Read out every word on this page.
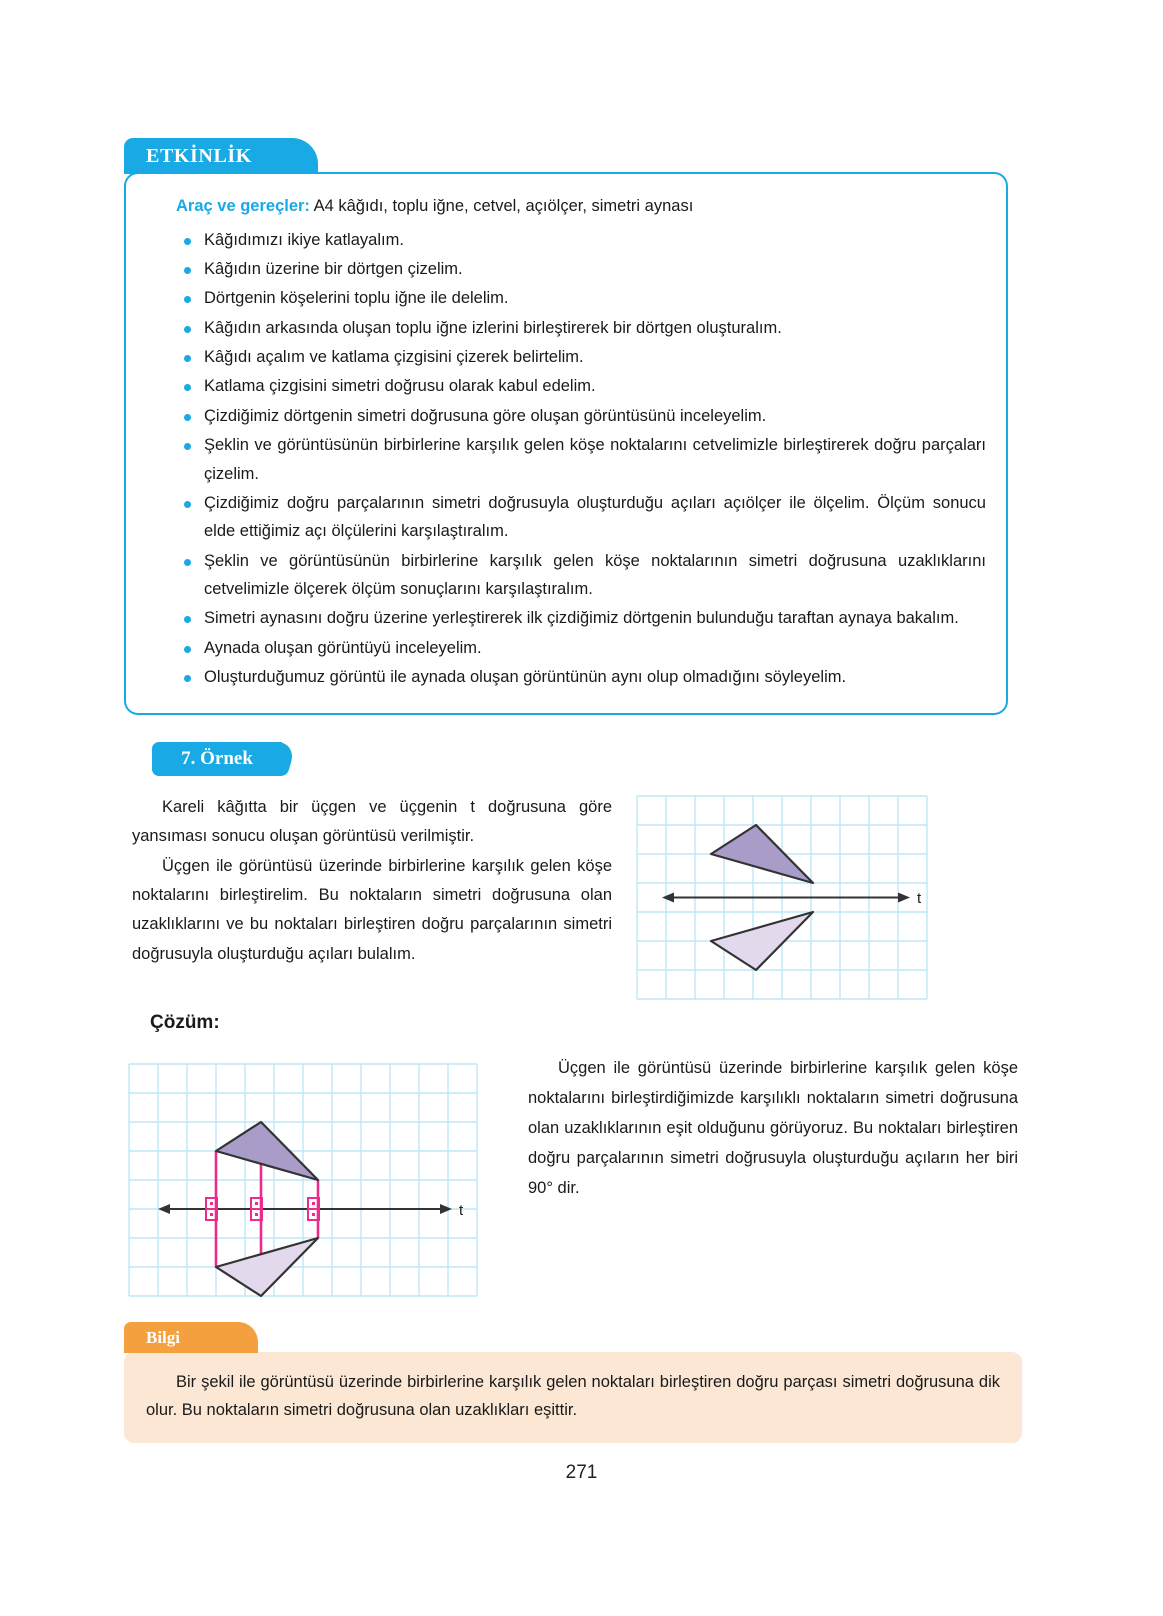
ETKİNLİK
Araç ve gereçler: A4 kâğıdı, toplu iğne, cetvel, açıölçer, simetri aynası
Kâğıdımızı ikiye katlayalım.
Kâğıdın üzerine bir dörtgen çizelim.
Dörtgenin köşelerini toplu iğne ile delelim.
Kâğıdın arkasında oluşan toplu iğne izlerini birleştirerek bir dörtgen oluşturalım.
Kâğıdı açalım ve katlama çizgisini çizerek belirtelim.
Katlama çizgisini simetri doğrusu olarak kabul edelim.
Çizdiğimiz dörtgenin simetri doğrusuna göre oluşan görüntüsünü inceleyelim.
Şeklin ve görüntüsünün birbirlerine karşılık gelen köşe noktalarını cetvelimizle birleştirerek doğru parçaları çizelim.
Çizdiğimiz doğru parçalarının simetri doğrusuyla oluşturduğu açıları açıölçer ile ölçelim. Ölçüm sonucu elde ettiğimiz açı ölçülerini karşılaştıralım.
Şeklin ve görüntüsünün birbirlerine karşılık gelen köşe noktalarının simetri doğrusuna uzaklıklarını cetvelimizle ölçerek ölçüm sonuçlarını karşılaştıralım.
Simetri aynasını doğru üzerine yerleştirerek ilk çizdiğimiz dörtgenin bulunduğu taraftan aynaya bakalım.
Aynada oluşan görüntüyü inceleyelim.
Oluşturduğumuz görüntü ile aynada oluşan görüntünün aynı olup olmadığını söyleyelim.
7. Örnek

Kareli kâğıtta bir üçgen ve üçgenin t doğrusuna göre yansıması sonucu oluşan görüntüsü verilmiştir.

Üçgen ile görüntüsü üzerinde birbirlerine karşılık gelen köşe noktalarını birleştirelim. Bu noktaların simetri doğrusuna olan uzaklıklarını ve bu noktaları birleştiren doğru parçalarının simetri doğrusuyla oluşturduğu açıları bulalım.

t
Çözüm:
t

Üçgen ile görüntüsü üzerinde birbirlerine karşılık gelen köşe noktalarını birleştirdiğimizde karşılıklı noktaların simetri doğrusuna olan uzaklıklarının eşit olduğunu görüyoruz. Bu noktaları birleştiren doğru parçalarının simetri doğrusuyla oluşturduğu açıların her biri 90° dir.

Bilgi

Bir şekil ile görüntüsü üzerinde birbirlerine karşılık gelen noktaları birleştiren doğru parçası simetri doğrusuna dik olur. Bu noktaların simetri doğrusuna olan uzaklıkları eşittir.

271
